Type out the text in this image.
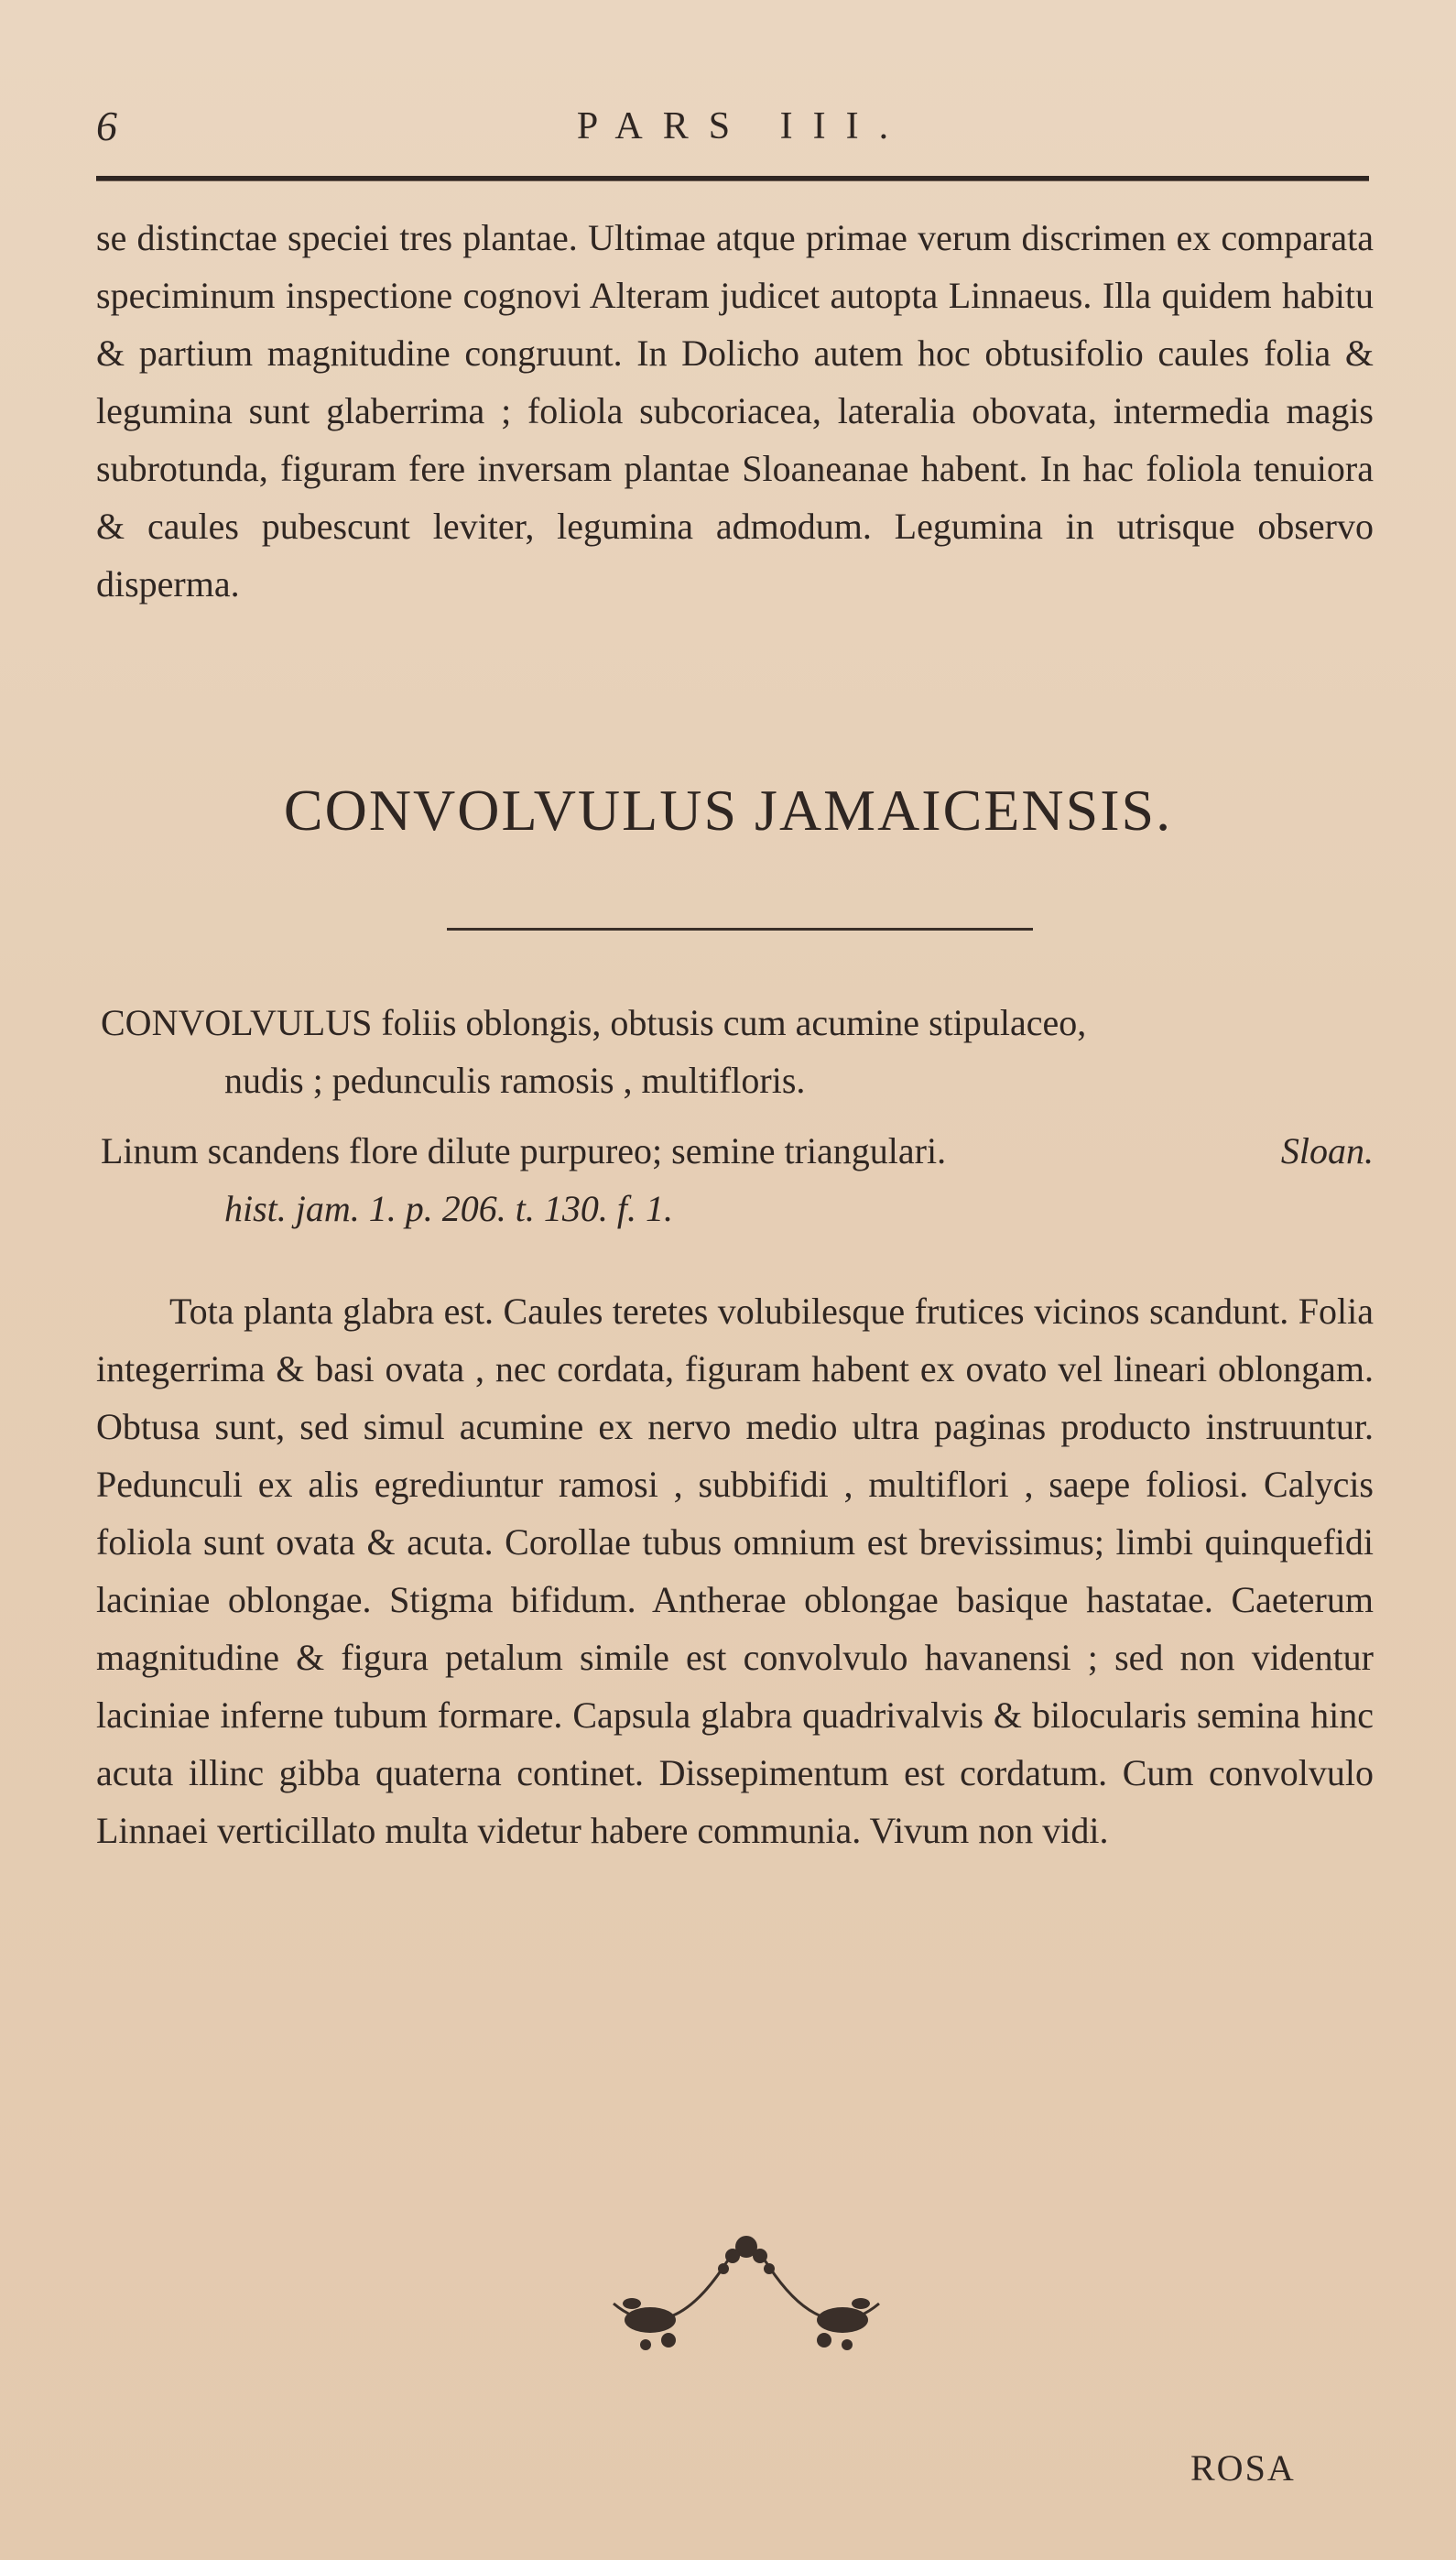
6	PARS III.

se distinctae speciei tres plantae. Ultimae atque primae verum discrimen ex comparata speciminum inspectione cognovi Alteram judicet autopta Linnaeus. Illa quidem habitu & partium magnitudine congruunt. In Dolicho autem hoc obtusifolio caules folia & legumina sunt glaberrima ; foliola subcoriacea, lateralia obovata, intermedia magis subrotunda, figuram fere inversam plantae Sloaneanae habent. In hac foliola tenuiora & caules pubescunt leviter, legumina admodum. Legumina in utrisque observo disperma.

CONVOLVULUS JAMAICENSIS.
CONVOLVULUS foliis oblongis, obtusis cum acumine stipulaceo,
nudis ; pedunculis ramosis , multifloris.
Linum scandens flore dilute purpureo; semine triangulari.	Sloan.
hist. jam. 1. p. 206. t. 130. f. 1.
Tota planta glabra est. Caules teretes volubilesque frutices vicinos scandunt. Folia integerrima & basi ovata , nec cordata, figuram habent ex ovato vel lineari oblongam. Obtusa sunt, sed simul acumine ex nervo medio ultra paginas producto instruuntur. Pedunculi ex alis egrediuntur ramosi , subbifidi , multiflori , saepe foliosi. Calycis foliola sunt ovata & acuta. Corollae tubus omnium est brevissimus; limbi quinquefidi laciniae oblongae. Stigma bifidum. Antherae oblongae basique hastatae. Caeterum magnitudine & figura petalum simile est convolvulo havanensi ; sed non videntur laciniae inferne tubum formare. Capsula glabra quadrivalvis & bilocularis semina hinc acuta illinc gibba quaterna continet. Dissepimentum est cordatum. Cum convolvulo Linnaei verticillato multa videtur habere communia. Vivum non vidi.
ROSA
